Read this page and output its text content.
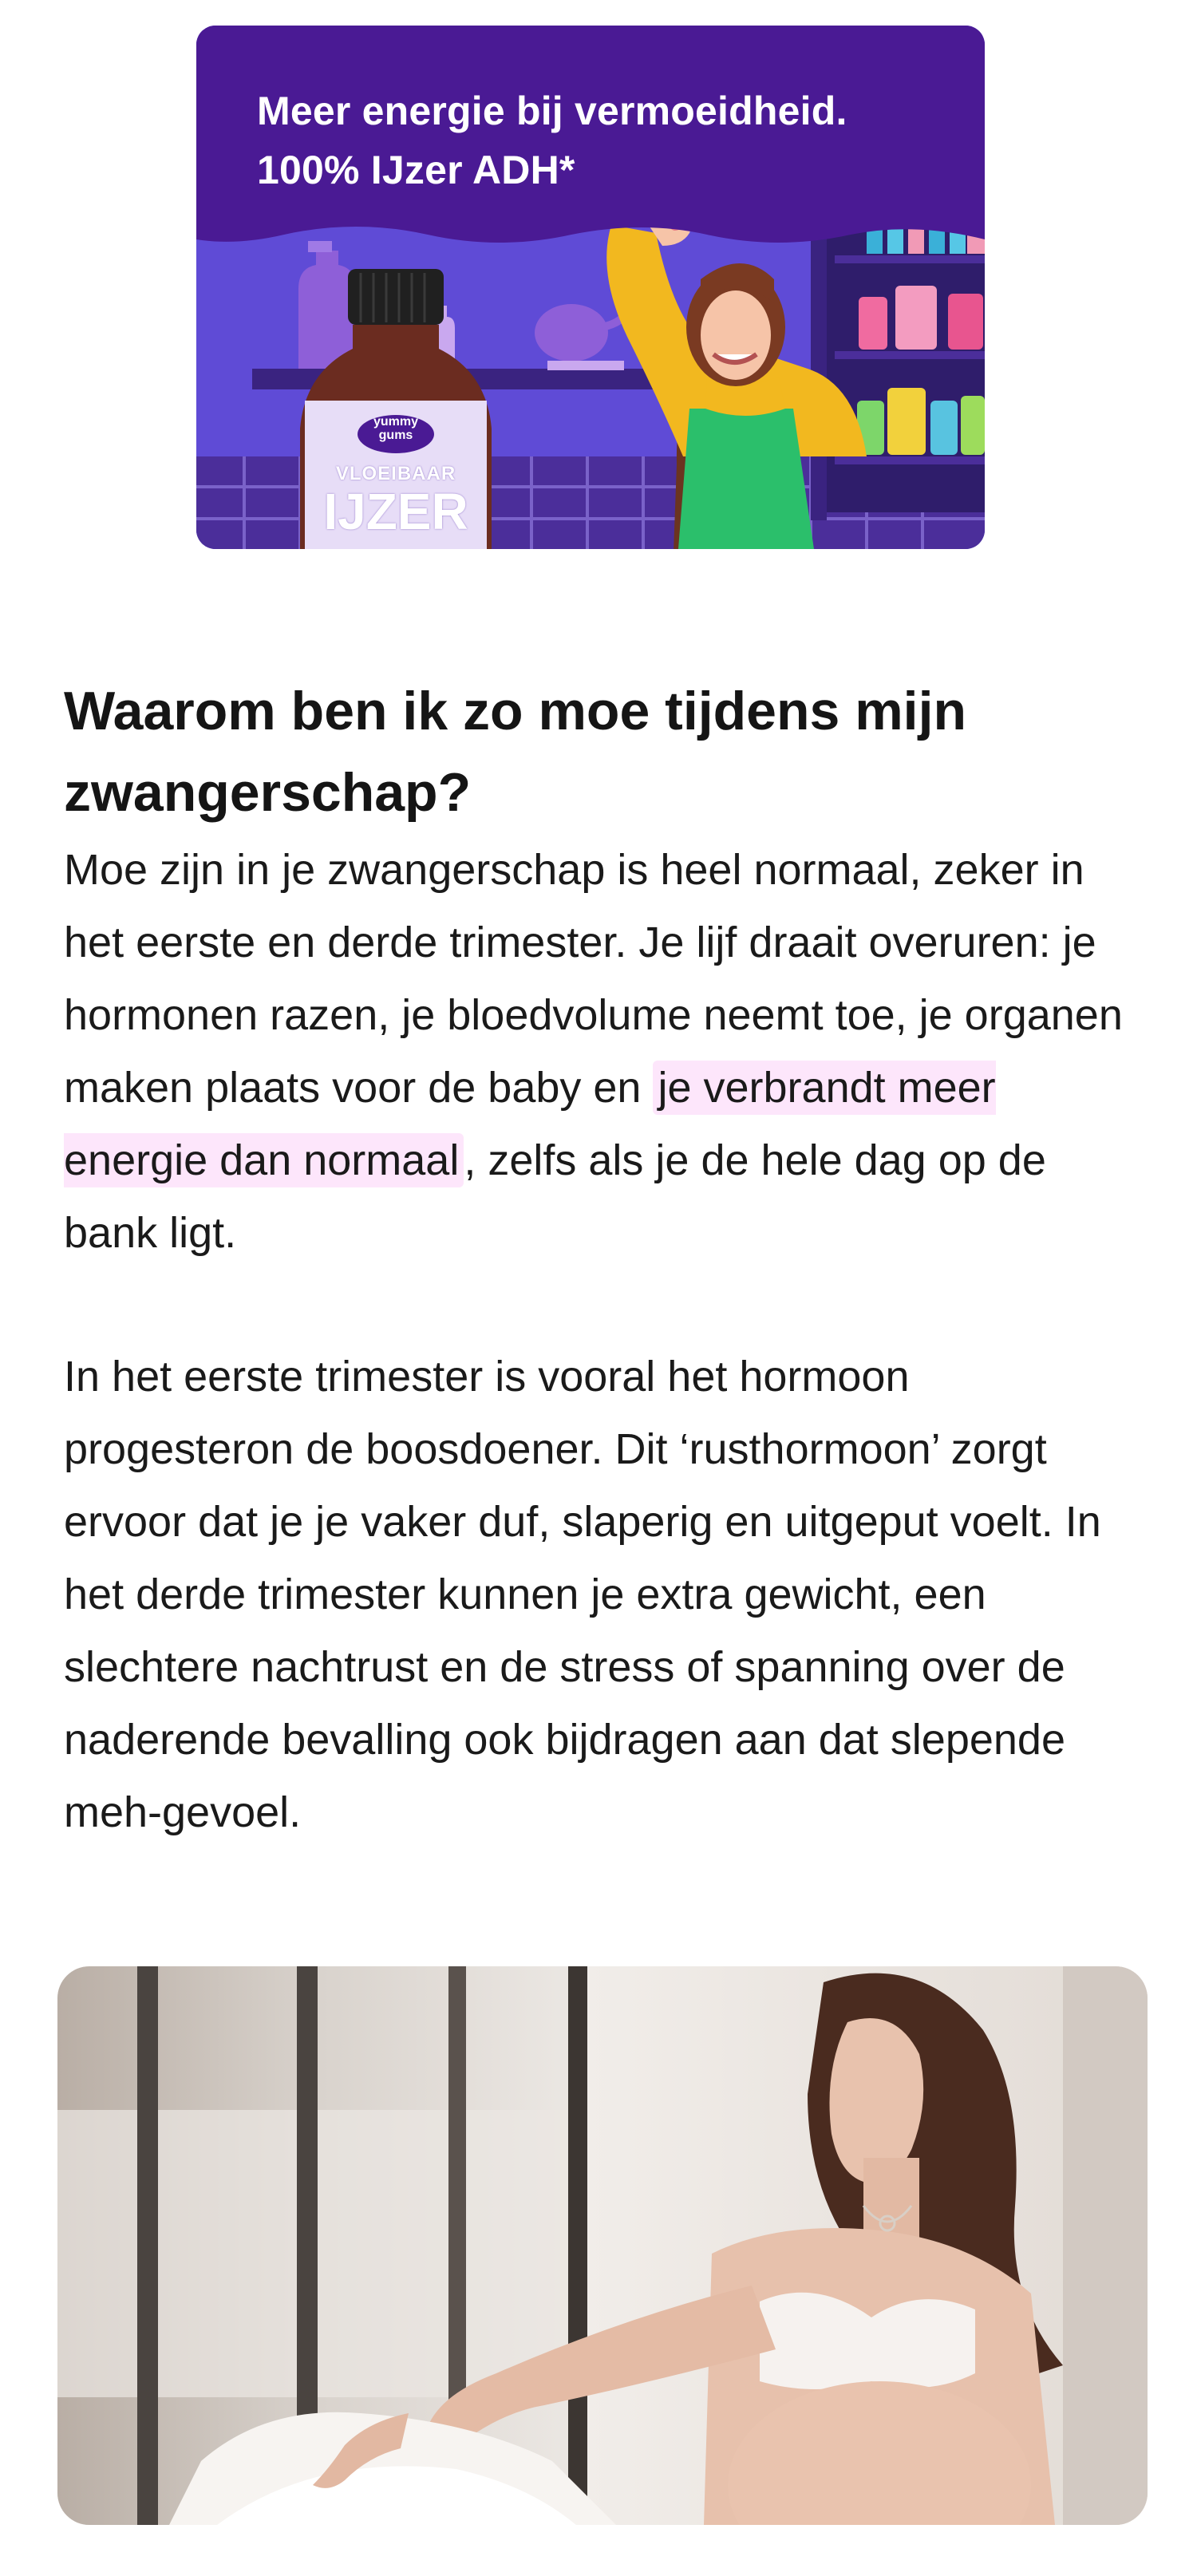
yummy
gums
VLOEIBAAR
IJZER
Meer energie bij vermoeidheid.
100% IJzer ADH*
Waarom ben ik zo moe tijdens mijn zwangerschap?

Moe zijn in je zwangerschap is heel normaal, zeker in het eerste en derde trimester. Je lijf draait overuren: je hormonen razen, je bloedvolume neemt toe, je organen maken plaats voor de baby en je verbrandt meer energie dan normaal , zelfs als je de hele dag op de bank ligt.

In het eerste trimester is vooral het hormoon progesteron de boosdoener. Dit ‘rusthormoon’ zorgt ervoor dat je je vaker duf, slaperig en uitgeput voelt. In het derde trimester kunnen je extra gewicht, een slechtere nachtrust en de stress of spanning over de naderende bevalling ook bijdragen aan dat slepende meh-gevoel.
